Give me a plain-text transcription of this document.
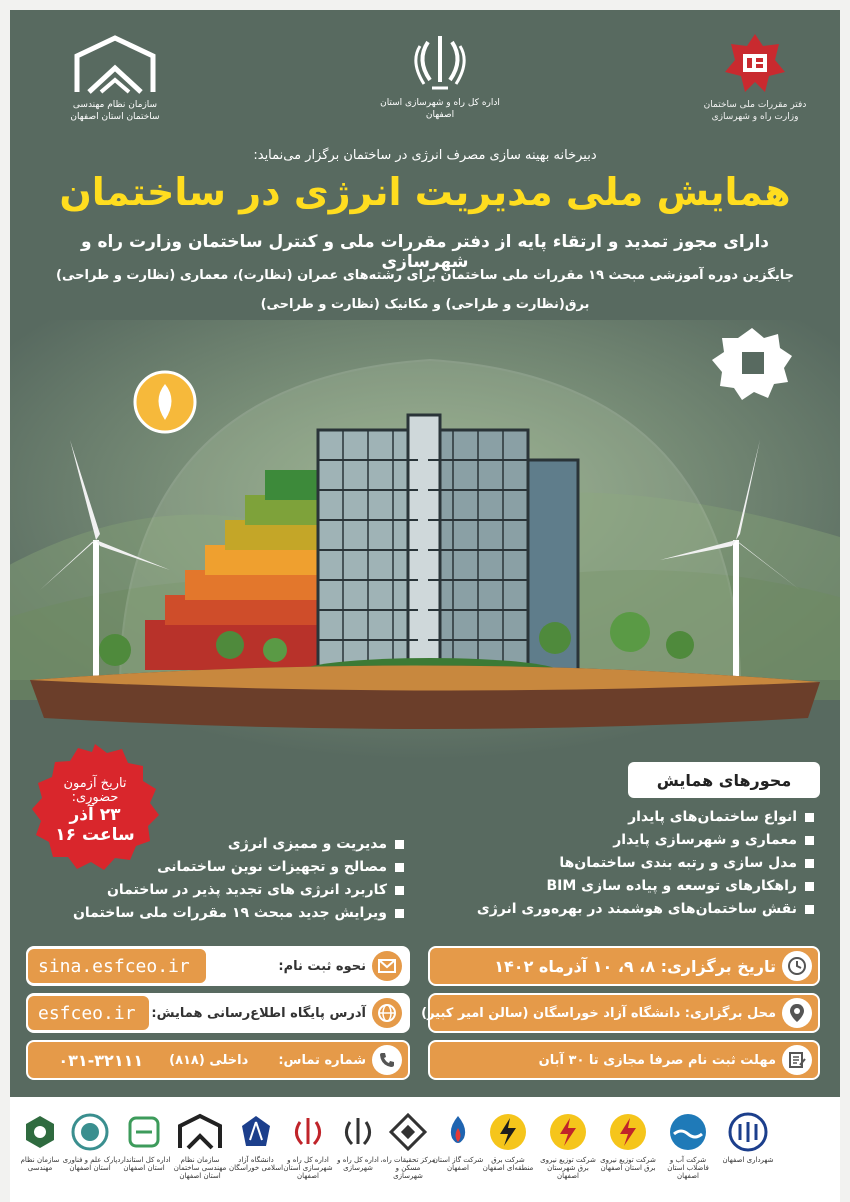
سازمان نظام مهندسی ساختمان استان اصفهان
اداره کل راه و شهرسازی استان اصفهان
دفتر مقررات ملی ساختمان وزارت راه و شهرسازی
دبیرخانه بهینه سازی مصرف انرژی در ساختمان برگزار می‌نماید:
همایش ملی مدیریت انرژی در ساختمان
دارای مجوز تمدید و ارتقاء پایه از دفتر مقررات ملی و کنترل ساختمان وزارت راه و شهرسازی
جایگزین دوره آموزشی مبحث ۱۹ مقررات ملی ساختمان برای رشته‌های عمران (نظارت)، معماری (نظارت و طراحی)
برق(نظارت و طراحی) و مکانیک (نظارت و طراحی)
تاریخ آزمون
حضوری:
۲۳ آذر
ساعت ۱۶
محورهای همایش
انواع ساختمان‌های پایدار
معماری و شهرسازی پایدار
مدل سازی و رتبه بندی ساختمان‌ها
راهکارهای توسعه و پیاده سازی BIM
نقش ساختمان‌های هوشمند در بهره‌وری انرژی
مدیریت و ممیزی انرژی
مصالح و تجهیزات نوین ساختمانی
کاربرد انرژی های تجدید پذیر در ساختمان
ویرایش جدید مبحث ۱۹ مقررات ملی ساختمان
تاریخ برگزاری: ۸، ۹، ۱۰ آذرماه ۱۴۰۲
محل برگزاری: دانشگاه آزاد خوراسگان (سالن امیر کبیر)
مهلت ثبت نام صرفا مجازی تا ۳۰ آبان
نحوه ثبت نام:
sina.esfceo.ir
آدرس پایگاه اطلاع‌رسانی همایش:
esfceo.ir
شماره تماس:
داخلی (۸۱۸)
۰۳۱-۳۲۱۱۱
شهرداری اصفهان
شرکت آب و فاضلاب استان اصفهان
شرکت توزیع نیروی برق استان اصفهان
شرکت توزیع نیروی برق شهرستان اصفهان
شرکت برق منطقه‌ای اصفهان
شرکت گاز استان اصفهان
مرکز تحقیقات راه، مسکن و شهرسازی
اداره کل راه و شهرسازی
اداره کل راه و شهرسازی استان اصفهان
دانشگاه آزاد اسلامی خوراسگان
سازمان نظام مهندسی ساختمان استان اصفهان
اداره کل استاندارد استان اصفهان
پارک علم و فناوری استان اصفهان
سازمان نظام مهندسی
